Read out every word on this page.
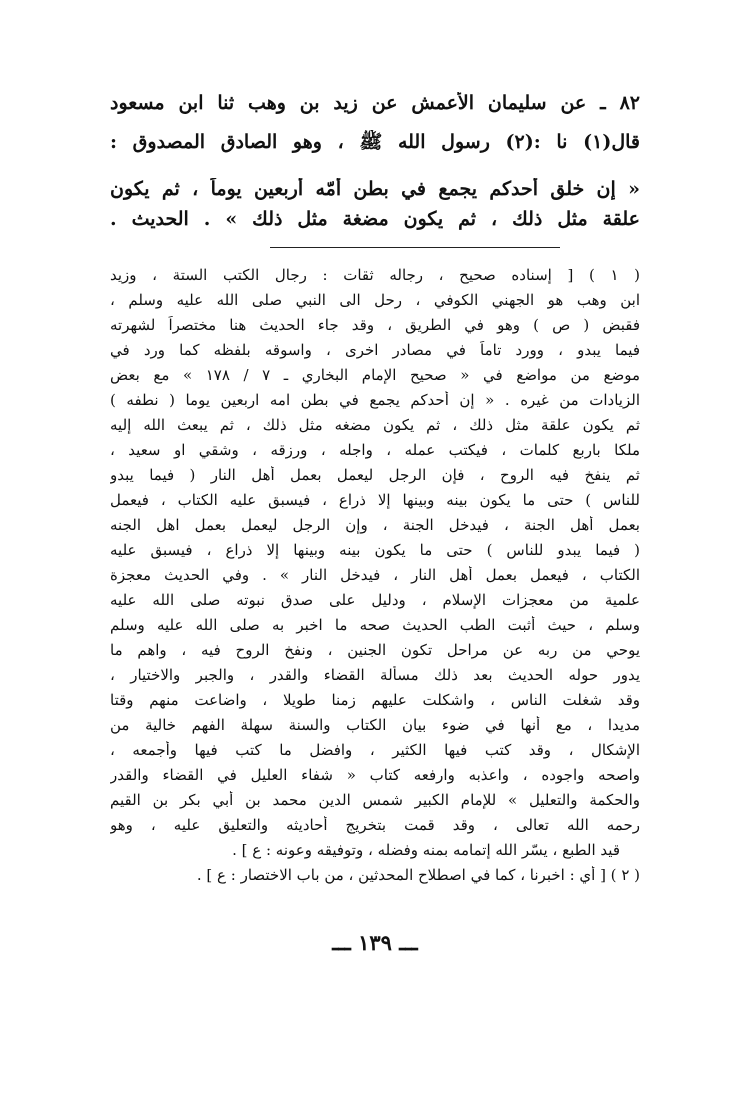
٨٢ ـ عن سليمان الأعمش عن زيد بن وهب ثنا ابن مسعود
قال(١) نا :(٢) رسول الله ﷺ ، وهو الصادق المصدوق :
« إن خلق أحدكم يجمع في بطن أمّه أربعين يوماً ، ثم يكون
علقة مثل ذلك ، ثم يكون مضغة مثل ذلك » . الحديث .
( ١ ) [ إسناده صحيح ، رجاله ثقات : رجال الكتب الستة ، وزيد
ابن وهب هو الجهني الكوفي ، رحل الى النبي صلى الله عليه وسلم ،
فقبض ( ص ) وهو في الطريق ، وقد جاء الحديث هنا مختصراً لشهرته
فيما يبدو ، وورد تاماً في مصادر اخرى ، واسوقه بلفظه كما ورد في
موضع من مواضع في « صحيح الإمام البخاري ـ ٧ / ١٧٨ » مع بعض
الزيادات من غيره . « إن أحدكم يجمع في بطن امه اربعين يوما ( نطفه )
ثم يكون علقة مثل ذلك ، ثم يكون مضغه مثل ذلك ، ثم يبعث الله إليه
ملكا باربع كلمات ، فيكتب عمله ، واجله ، ورزقه ، وشقي او سعيد ،
ثم ينفخ فيه الروح ، فإن الرجل ليعمل بعمل أهل النار ( فيما يبدو
للناس ) حتى ما يكون بينه وبينها إلا ذراع ، فيسبق عليه الكتاب ، فيعمل
بعمل أهل الجنة ، فيدخل الجنة ، وإن الرجل ليعمل بعمل اهل الجنه
( فيما يبدو للناس ) حتى ما يكون بينه وبينها إلا ذراع ، فيسبق عليه
الكتاب ، فيعمل بعمل أهل النار ، فيدخل النار » . وفي الحديث معجزة
علمية من معجزات الإسلام ، ودليل على صدق نبوته صلى الله عليه
وسلم ، حيث أثبت الطب الحديث صحه ما اخبر به صلى الله عليه وسلم
يوحي من ربه عن مراحل تكون الجنين ، ونفخ الروح فيه ، واهم ما
يدور حوله الحديث بعد ذلك مسألة القضاء والقدر ، والجبر والاختيار ،
وقد شغلت الناس ، واشكلت عليهم زمنا طويلا ، واضاعت منهم وقتا
مديدا ، مع أنها في ضوء بيان الكتاب والسنة سهلة الفهم خالية من
الإشكال ، وقد كتب فيها الكثير ، وافضل ما كتب فيها وأجمعه ،
واصحه واجوده ، واعذبه وارفعه كتاب « شفاء العليل في القضاء والقدر
والحكمة والتعليل » للإمام الكبير شمس الدين محمد بن أبي بكر بن القيم
رحمه الله تعالى ، وقد قمت بتخريج أحاديثه والتعليق عليه ، وهو
قيد الطبع ، يسّر الله إتمامه بمنه وفضله ، وتوفيقه وعونه : ع ] .
( ٢ ) [ أي : اخبرنا ، كما في اصطلاح المحدثين ، من باب الاختصار : ع ] .
ـــ ١٣٩ ـــ
